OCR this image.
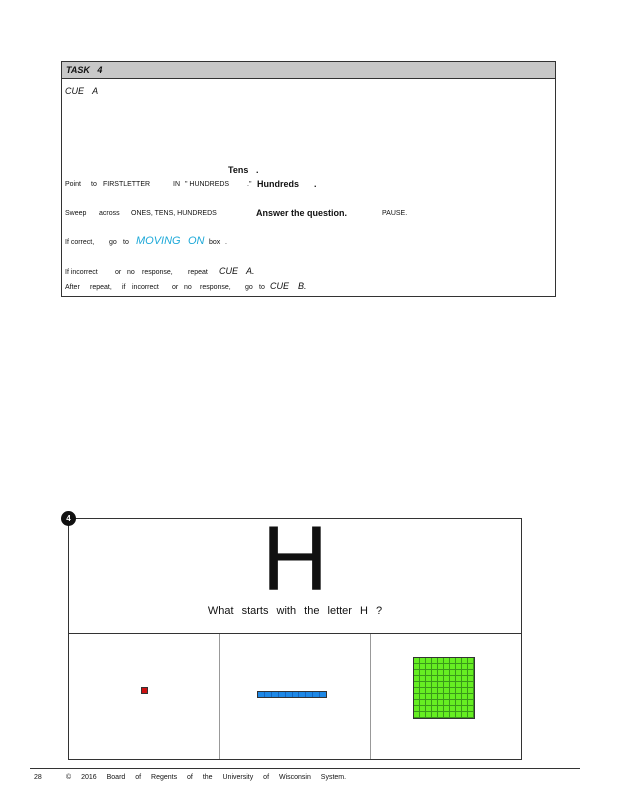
TASK 4
CUE A
Tens .
Point to FIRSTLETTER	IN " HUNDREDS	." Hundreds .
Sweep across ONES, TENS, HUNDREDS	Answer the question.	PAUSE.
If correct, go to MOVING ON box .
If incorrect or no response, repeat CUE A.
After repeat, if incorrect or no response, go to CUE B.
H
What starts with the letter H ?
4
28	© 2016 Board of Regents of the University of Wisconsin System.
